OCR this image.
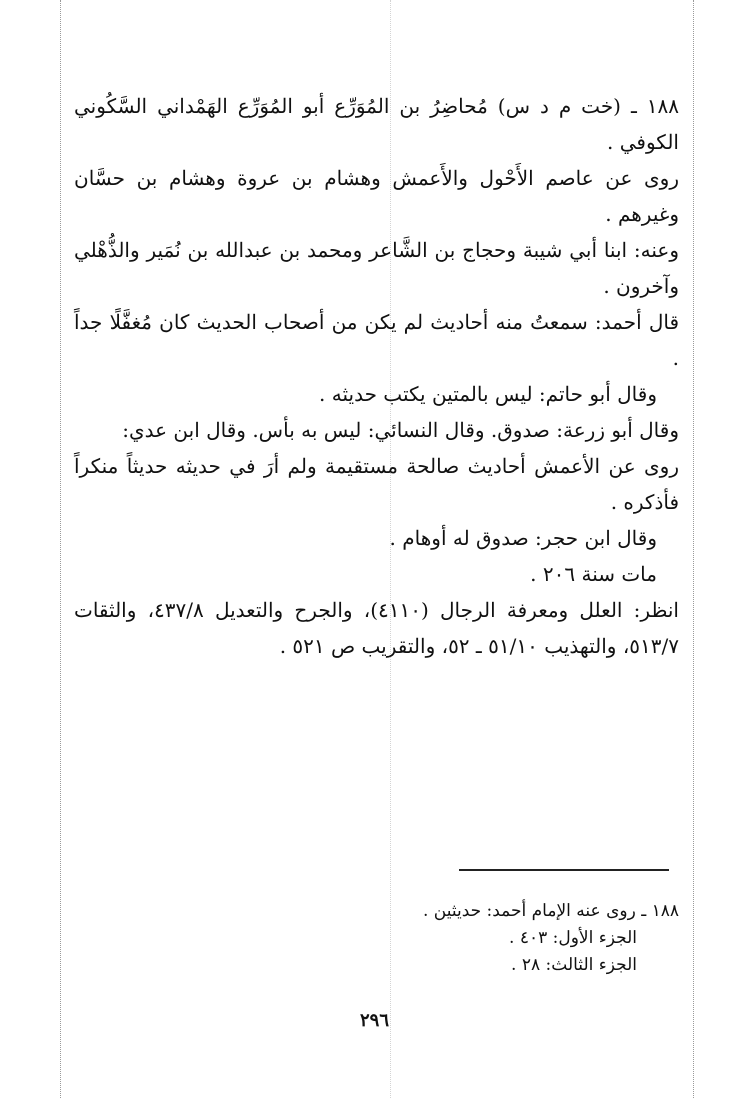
١٨٨ ـ (خت م د س) مُحاضِرُ بن المُوَرِّع أبو المُوَرِّع الهَمْداني السَّكُوني الكوفي .

روى عن عاصم الأَحْول والأَعمش وهشام بن عروة وهشام بن حسَّان وغيرهم .

وعنه: ابنا أبي شيبة وحجاج بن الشَّاعر ومحمد بن عبدالله بن نُمَير والذُّهْلي وآخرون .

قال أحمد: سمعتُ منه أحاديث لم يكن من أصحاب الحديث كان مُغفَّلًا جداً .

وقال أبو حاتم: ليس بالمتين يكتب حديثه .

وقال أبو زرعة: صدوق. وقال النسائي: ليس به بأس. وقال ابن عدي:

روى عن الأعمش أحاديث صالحة مستقيمة ولم أرَ في حديثه حديثاً منكراً فأذكره .

وقال ابن حجر: صدوق له أوهام .

مات سنة ٢٠٦ .

انظر: العلل ومعرفة الرجال (٤١١٠)، والجرح والتعديل ٤٣٧/٨، والثقات ٥١٣/٧، والتهذيب ٥١/١٠ ـ ٥٢، والتقريب ص ٥٢١ .

١٨٨ ـ روى عنه الإمام أحمد: حديثين .

الجزء الأول: ٤٠٣ .

الجزء الثالث: ٢٨ .

٢٩٦
